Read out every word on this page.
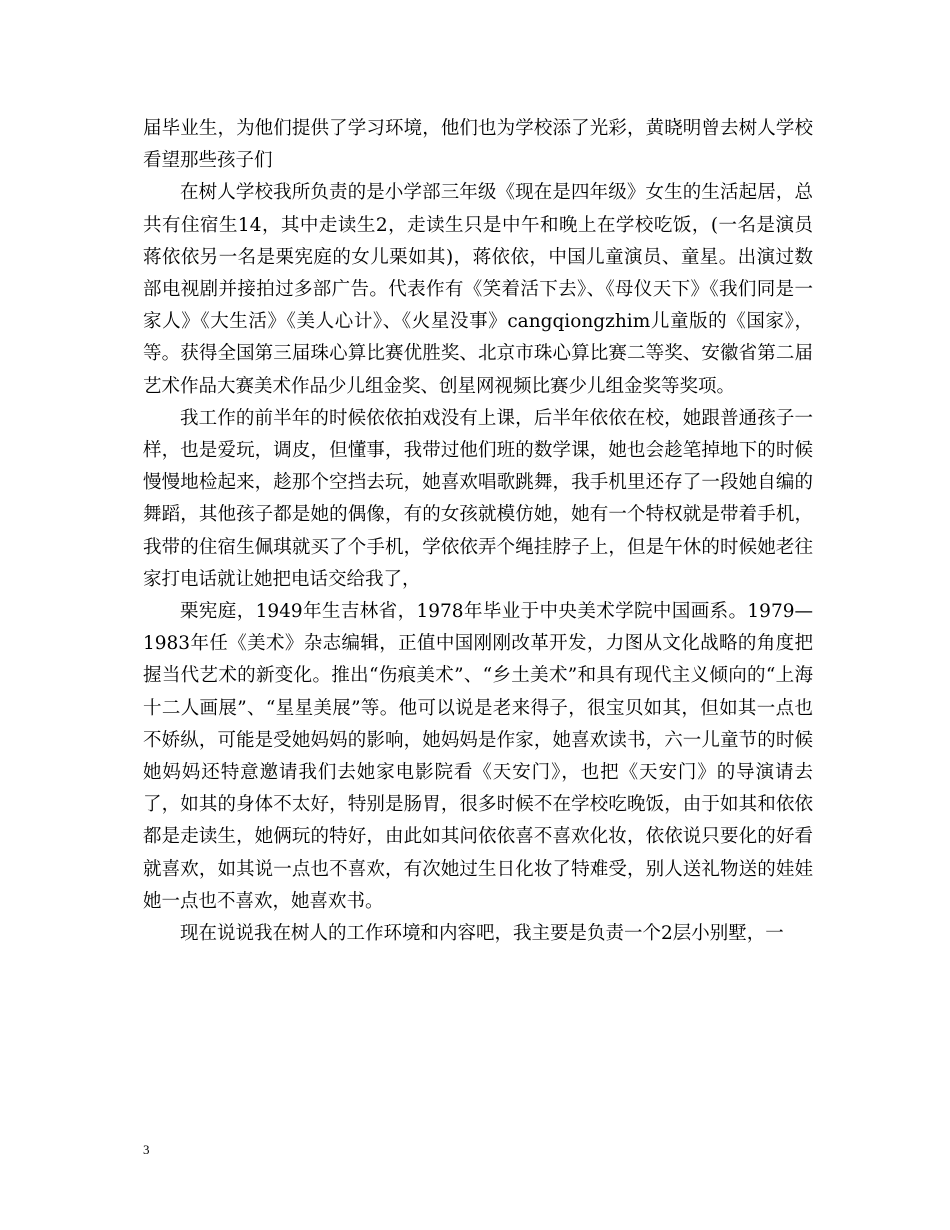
届毕业生，为他们提供了学习环境，他们也为学校添了光彩，黄晓明曾去树人学校看望那些孩子们

在树人学校我所负责的是小学部三年级《现在是四年级》女生的生活起居，总共有住宿生14，其中走读生2，走读生只是中午和晚上在学校吃饭，(一名是演员蒋依依另一名是栗宪庭的女儿栗如其)，蒋依依，中国儿童演员、童星。出演过数部电视剧并接拍过多部广告。代表作有《笑着活下去》、《母仪天下》《我们同是一家人》《大生活》《美人心计》、《火星没事》cangqiongzhim儿童版的《国家》，等。获得全国第三届珠心算比赛优胜奖、北京市珠心算比赛二等奖、安徽省第二届艺术作品大赛美术作品少儿组金奖、创星网视频比赛少儿组金奖等奖项。

我工作的前半年的时候依依拍戏没有上课，后半年依依在校，她跟普通孩子一样，也是爱玩，调皮，但懂事，我带过他们班的数学课，她也会趁笔掉地下的时候慢慢地检起来，趁那个空挡去玩，她喜欢唱歌跳舞，我手机里还存了一段她自编的舞蹈，其他孩子都是她的偶像，有的女孩就模仿她，她有一个特权就是带着手机，我带的住宿生佩琪就买了个手机，学依依弄个绳挂脖子上，但是午休的时候她老往家打电话就让她把电话交给我了，

栗宪庭，1949年生吉林省，1978年毕业于中央美术学院中国画系。1979—1983年任《美术》杂志编辑，正值中国刚刚改革开发，力图从文化战略的角度把握当代艺术的新变化。推出“伤痕美术”、“乡土美术”和具有现代主义倾向的“上海十二人画展”、“星星美展”等。他可以说是老来得子，很宝贝如其，但如其一点也不娇纵，可能是受她妈妈的影响，她妈妈是作家，她喜欢读书，六一儿童节的时候她妈妈还特意邀请我们去她家电影院看《天安门》，也把《天安门》的导演请去了，如其的身体不太好，特别是肠胃，很多时候不在学校吃晚饭，由于如其和依依都是走读生，她俩玩的特好，由此如其问依依喜不喜欢化妆，依依说只要化的好看就喜欢，如其说一点也不喜欢，有次她过生日化妆了特难受，别人送礼物送的娃娃她一点也不喜欢，她喜欢书。

现在说说我在树人的工作环境和内容吧，我主要是负责一个2层小别墅，一

3
